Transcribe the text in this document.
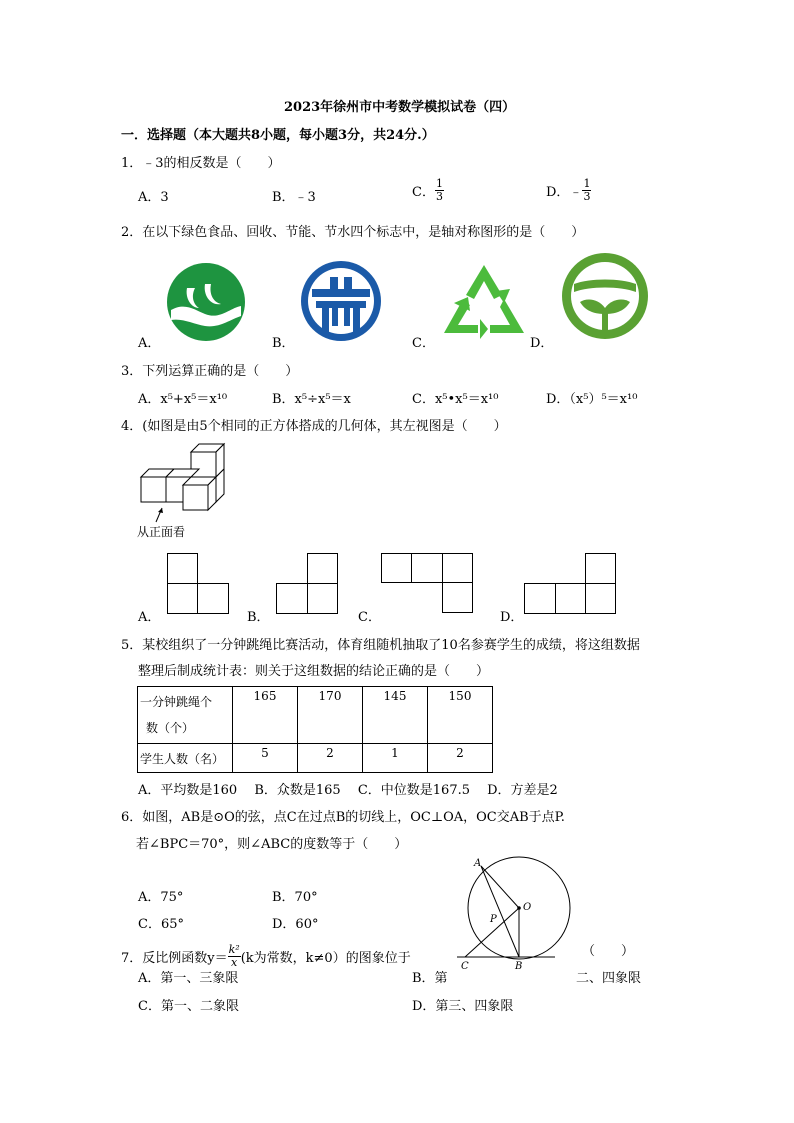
2023年徐州市中考数学模拟试卷（四）
一．选择题（本大题共8小题，每小题3分，共24分.）
1．﹣3的相反数是（　　）
A．3	B．﹣3	C． $\frac{1}{3}$	D．﹣ $\frac{1}{3}$
2．在以下绿色食品、回收、节能、节水四个标志中，是轴对称图形的是（　　）
A．	B．	C．	D．
3．下列运算正确的是（　　）
A．x⁵+x⁵＝x¹⁰	B．x⁵÷x⁵＝x	C．x⁵•x⁵＝x¹⁰	D．（x⁵）⁵＝x¹⁰
4．(如图是由5个相同的正方体搭成的几何体，其左视图是（　　）
从正面看
A．	B．	C．	D．
5．某校组织了一分钟跳绳比赛活动，体育组随机抽取了10名参赛学生的成绩，将这组数据
整理后制成统计表：则关于这组数据的结论正确的是（　　）
一分钟跳绳个
数（个）	165	170	145	150
学生人数（名）	5	2	1	2
A．平均数是160　 B．众数是165　 C．中位数是167.5　 D．方差是2
6．如图，AB是⊙O的弦，点C在过点B的切线上，OC⊥OA，OC交AB于点P.
若∠BPC＝70°，则∠ABC的度数等于（　　）
A．75°	B．70°
C．65°	D．60°
A
P
O
C	B
7．反比例函数$y= \frac{\text{k²}}{x} (k$为常数，k≠0）的图象位于	（　　）
A．第一、三象限	B．第	二、四象限
C．第一、二象限	D．第三、四象限
